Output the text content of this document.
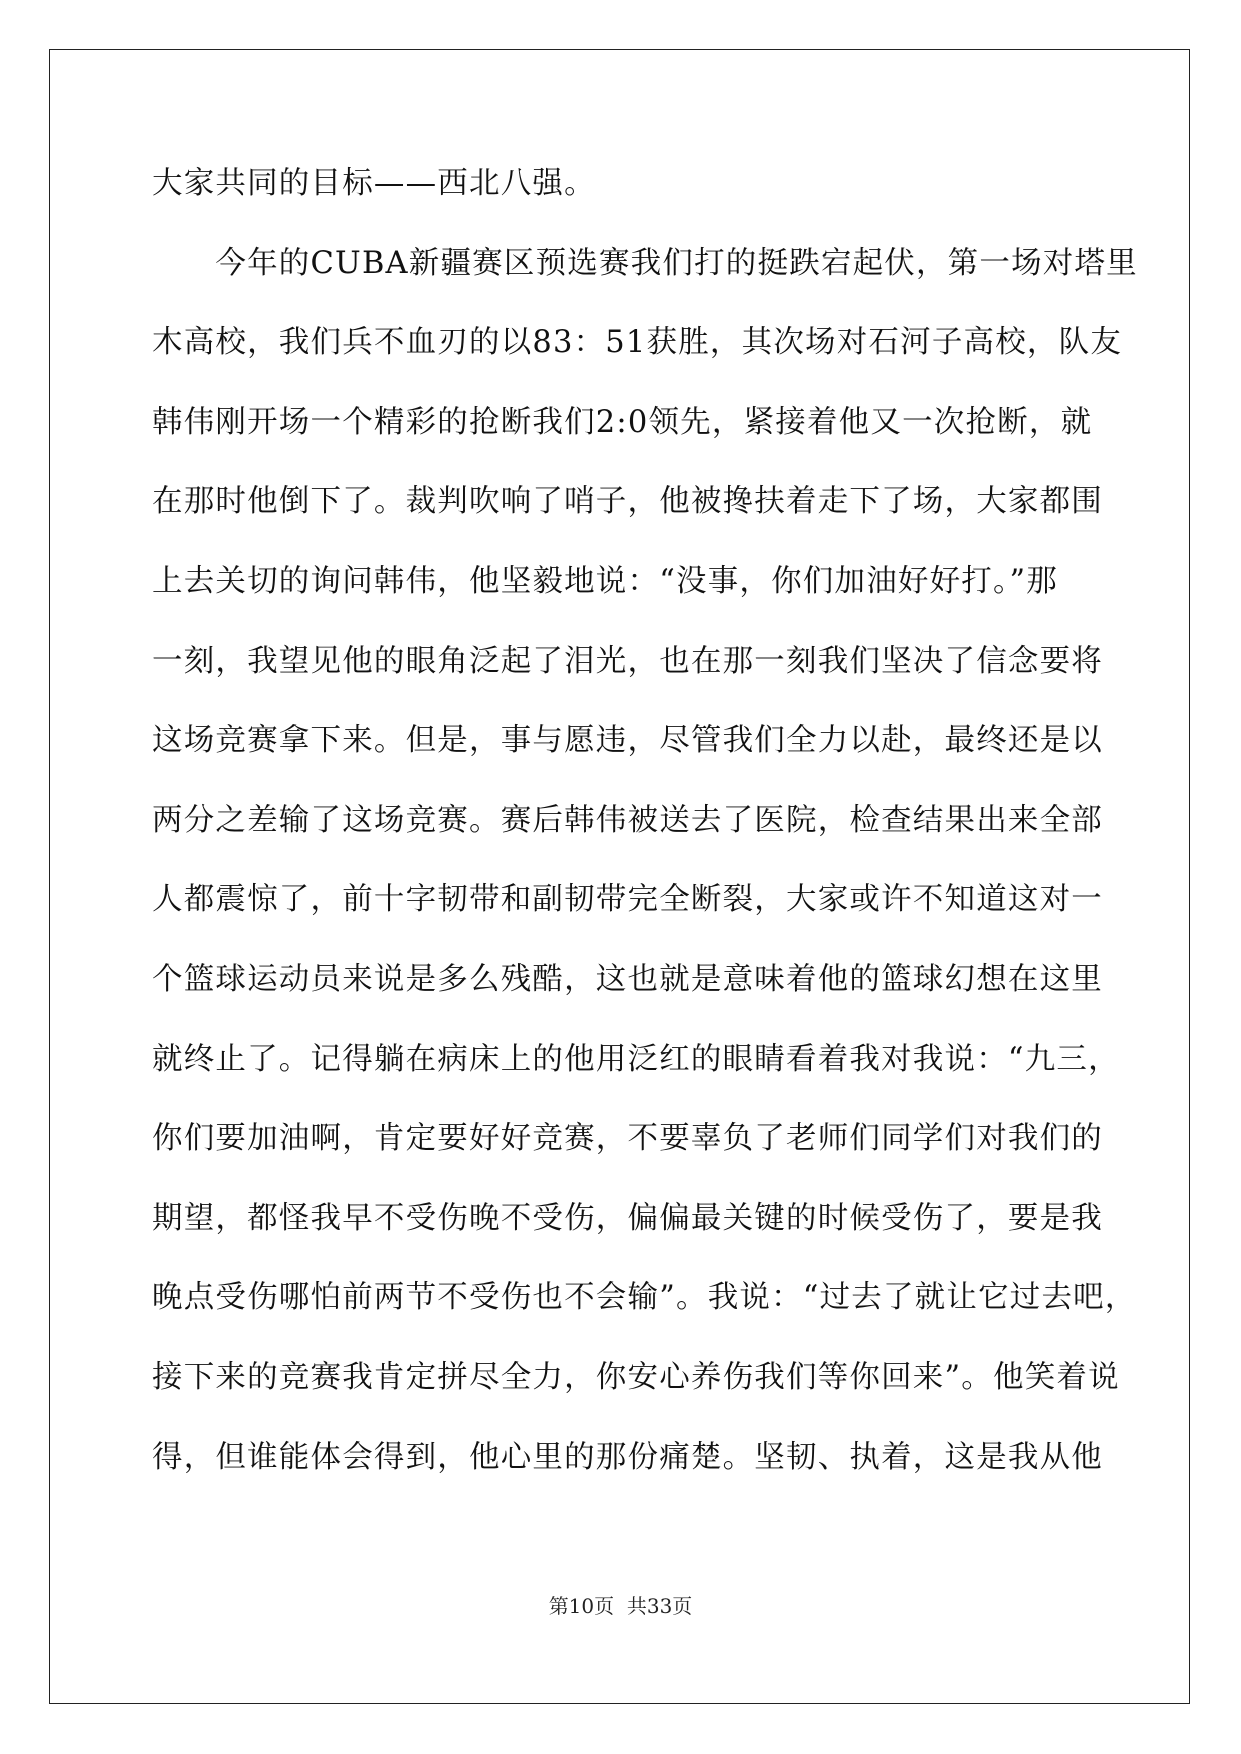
大家共同的目标——西北八强。
　　今年的CUBA新疆赛区预选赛我们打的挺跌宕起伏，第一场对塔里
木高校，我们兵不血刃的以83：51获胜，其次场对石河子高校，队友
韩伟刚开场一个精彩的抢断我们2:0领先，紧接着他又一次抢断，就
在那时他倒下了。裁判吹响了哨子，他被搀扶着走下了场，大家都围
上去关切的询问韩伟，他坚毅地说：“没事，你们加油好好打。”那
一刻，我望见他的眼角泛起了泪光，也在那一刻我们坚决了信念要将
这场竞赛拿下来。但是，事与愿违，尽管我们全力以赴，最终还是以
两分之差输了这场竞赛。赛后韩伟被送去了医院，检查结果出来全部
人都震惊了，前十字韧带和副韧带完全断裂，大家或许不知道这对一
个篮球运动员来说是多么残酷，这也就是意味着他的篮球幻想在这里
就终止了。记得躺在病床上的他用泛红的眼睛看着我对我说：“九三，
你们要加油啊，肯定要好好竞赛，不要辜负了老师们同学们对我们的
期望，都怪我早不受伤晚不受伤，偏偏最关键的时候受伤了，要是我
晚点受伤哪怕前两节不受伤也不会输”。我说：“过去了就让它过去吧，
接下来的竞赛我肯定拼尽全力，你安心养伤我们等你回来”。他笑着说
得，但谁能体会得到，他心里的那份痛楚。坚韧、执着，这是我从他
第10页 共33页
